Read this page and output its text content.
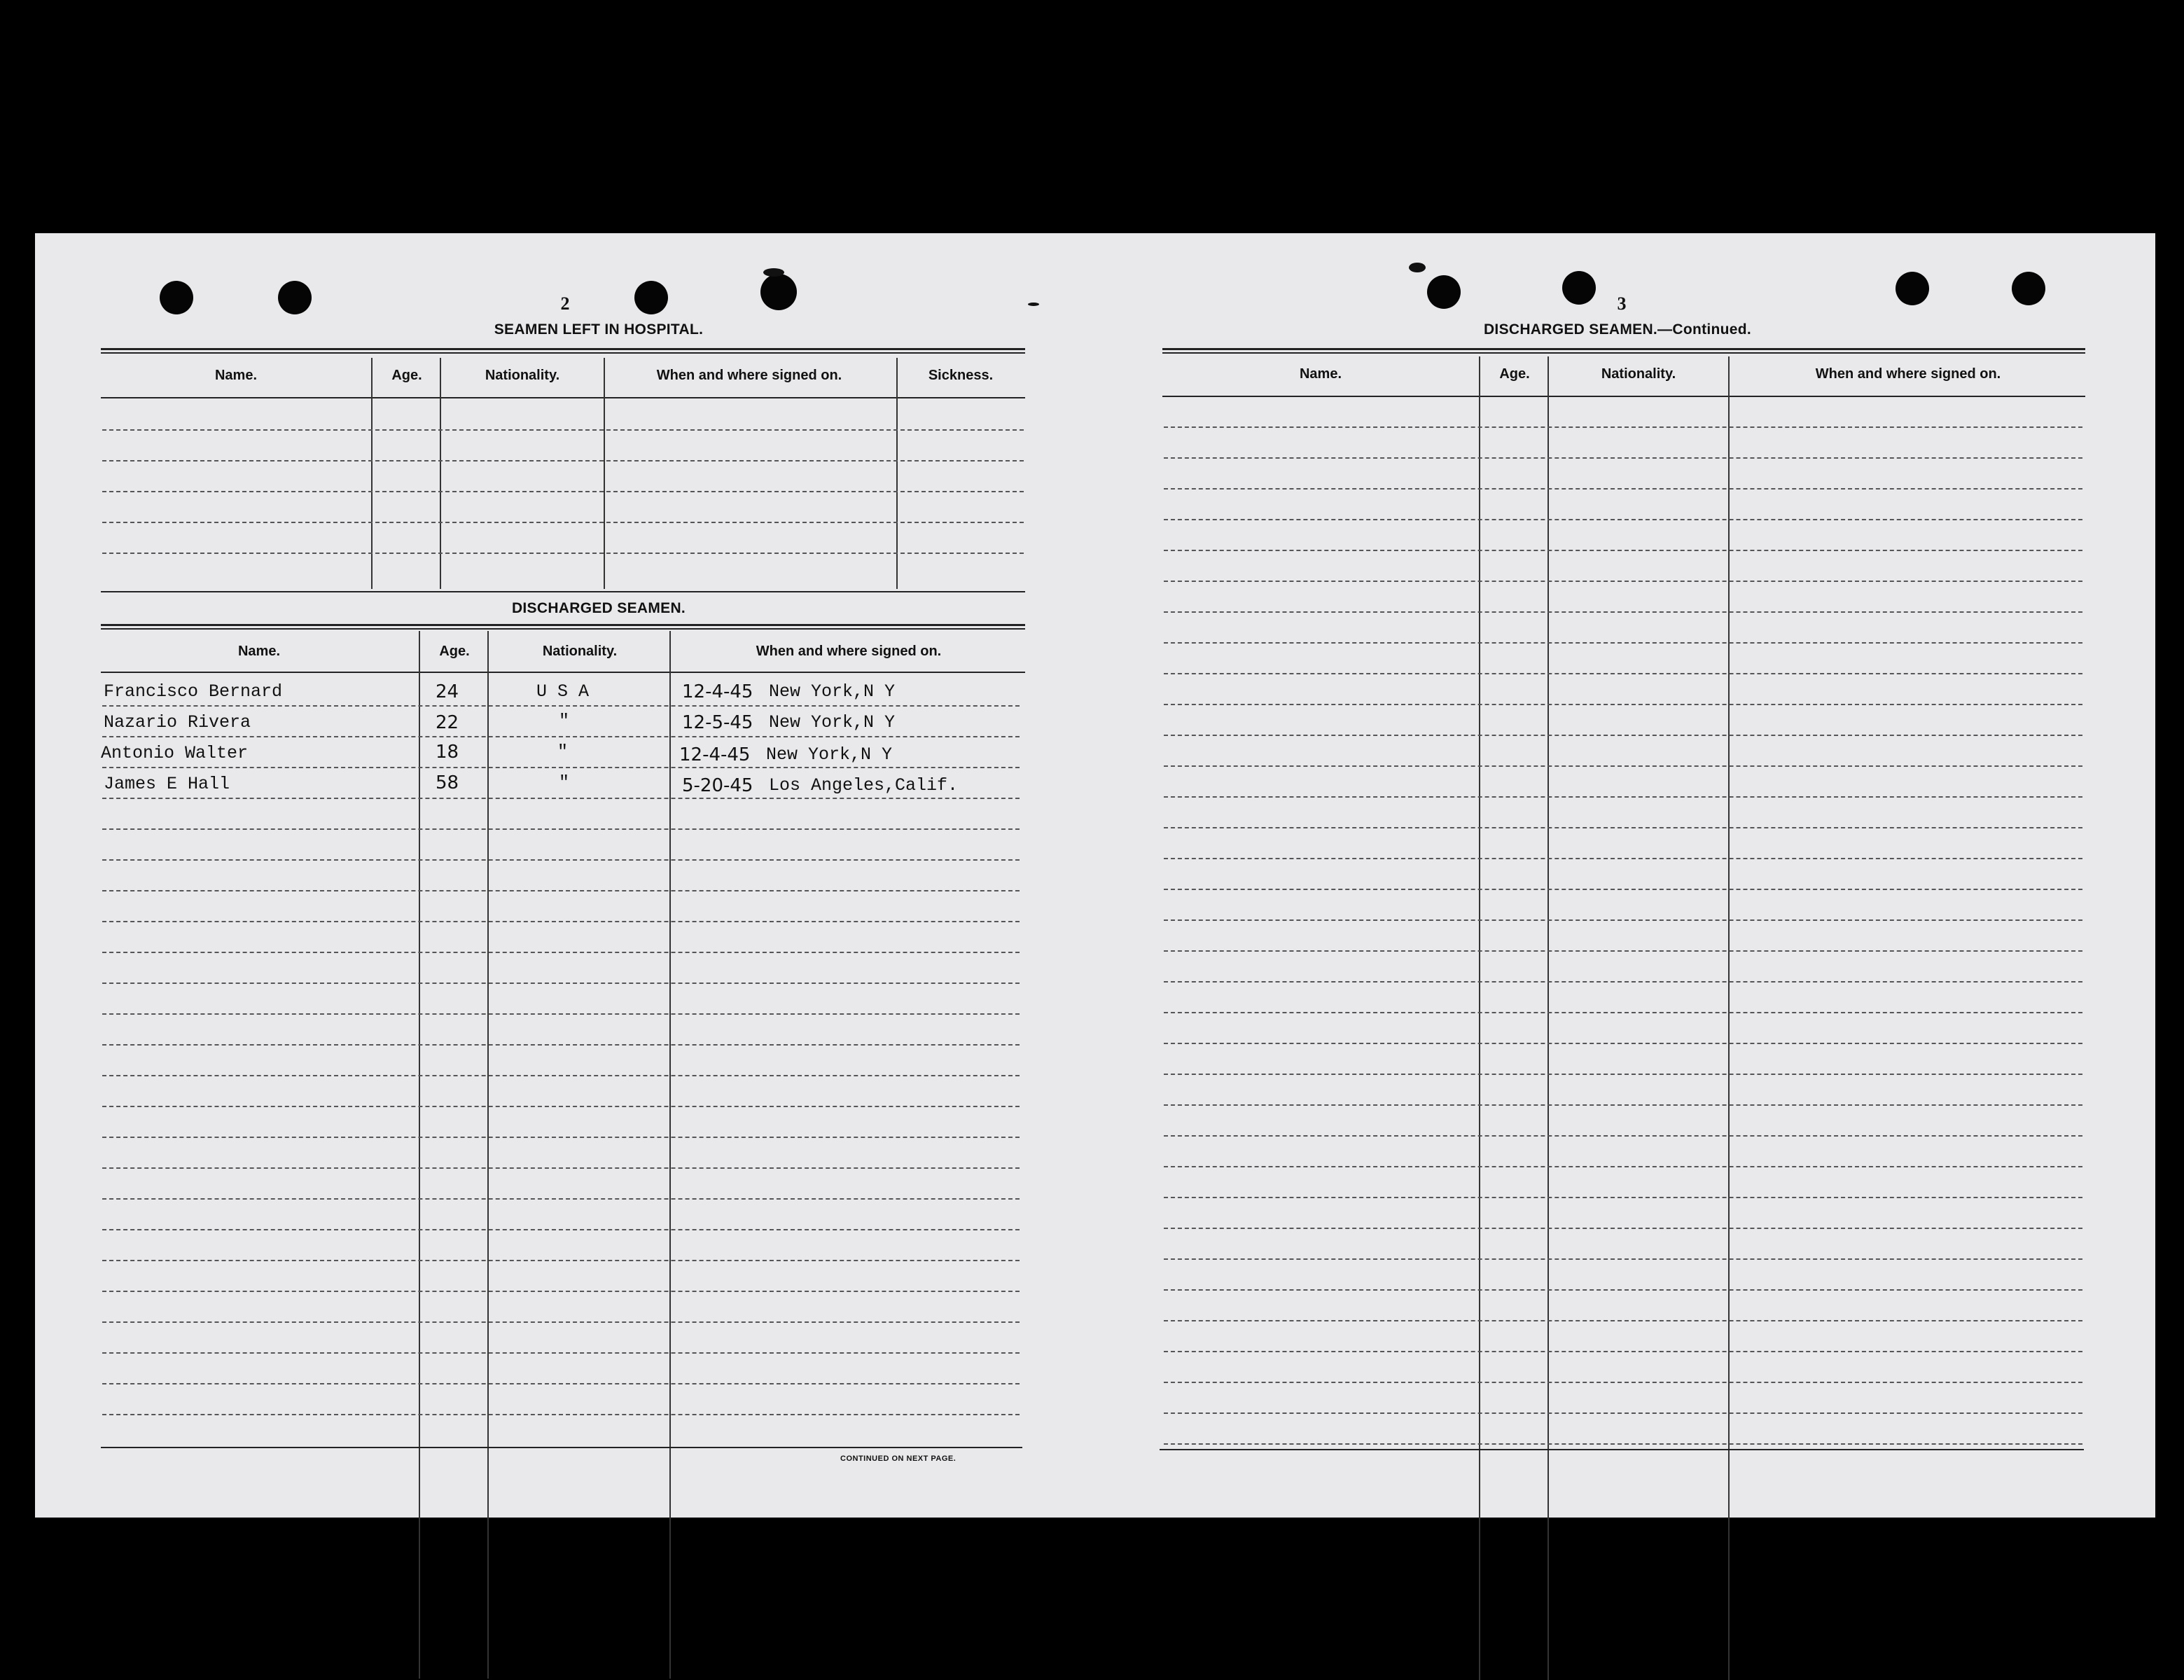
2
SEAMEN LEFT IN HOSPITAL.
Name.	Age.	Nationality.	When and where signed on.	Sickness.
DISCHARGED SEAMEN.
Name.	Age.	Nationality.	When and where signed on.
Francisco Bernard	24	U S A	12-4-45 New York,N Y
Nazario Rivera	22	"	12-5-45 New York,N Y
Antonio Walter	18	"	12-4-45 New York,N Y
James E Hall	58	"	5-20-45 Los Angeles,Calif.
CONTINUED ON NEXT PAGE.
3
DISCHARGED SEAMEN.—Continued.
Name.	Age.	Nationality.	When and where signed on.
